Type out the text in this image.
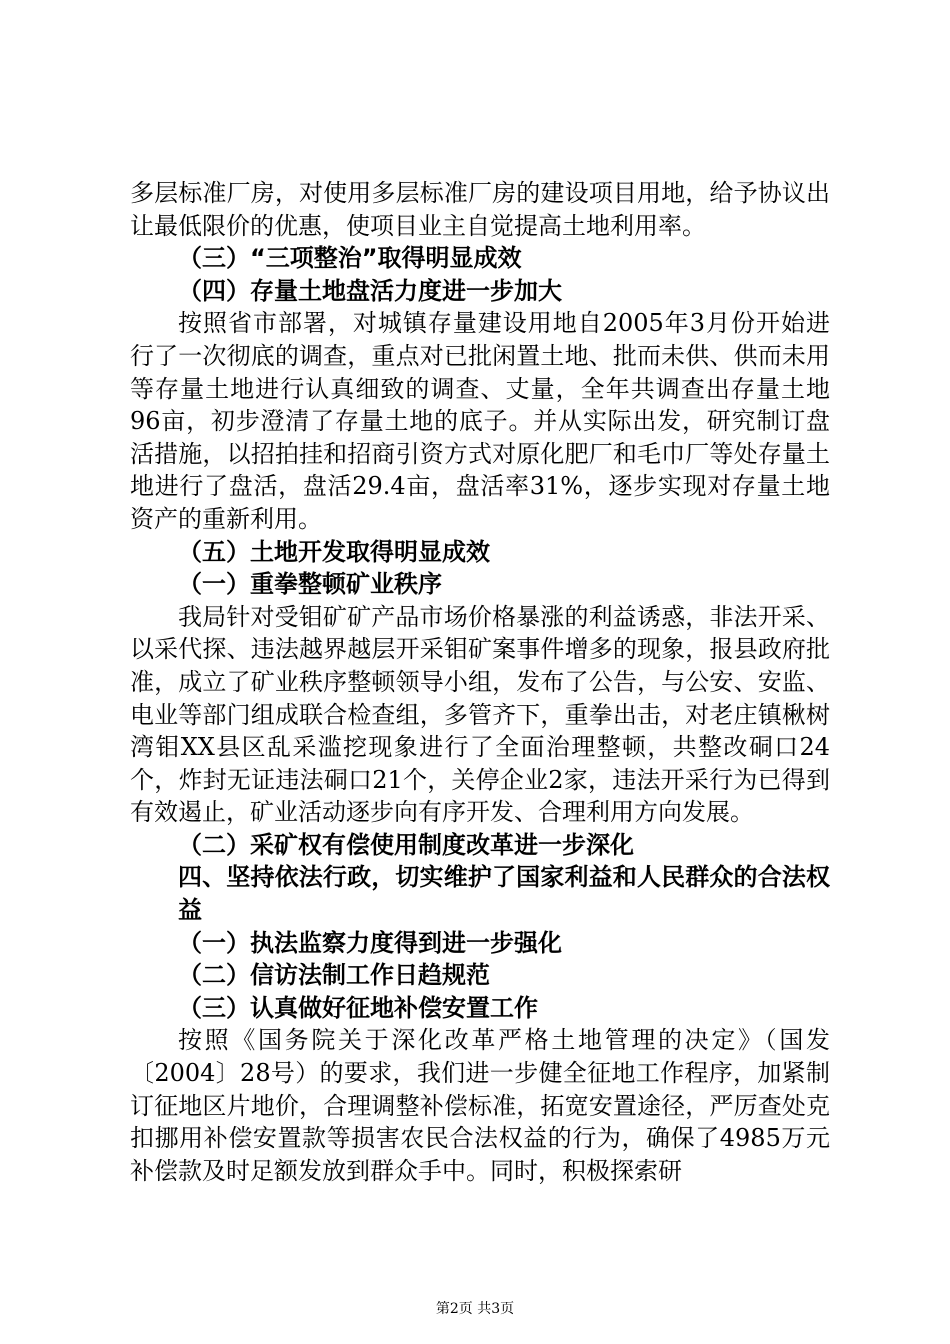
多层标准厂房，对使用多层标准厂房的建设项目用地，给予协议出让最低限价的优惠，使项目业主自觉提高土地利用率。

（三）“三项整治”取得明显成效

（四）存量土地盘活力度进一步加大

按照省市部署，对城镇存量建设用地自2005年3月份开始进行了一次彻底的调查，重点对已批闲置土地、批而未供、供而未用等存量土地进行认真细致的调查、丈量，全年共调查出存量土地96亩，初步澄清了存量土地的底子。并从实际出发，研究制订盘活措施，以招拍挂和招商引资方式对原化肥厂和毛巾厂等处存量土地进行了盘活，盘活29.4亩，盘活率31%，逐步实现对存量土地资产的重新利用。

（五）土地开发取得明显成效

（一）重拳整顿矿业秩序

我局针对受钼矿矿产品市场价格暴涨的利益诱惑，非法开采、以采代探、违法越界越层开采钼矿案事件增多的现象，报县政府批准，成立了矿业秩序整顿领导小组，发布了公告，与公安、安监、电业等部门组成联合检查组，多管齐下，重拳出击，对老庄镇楸树湾钼XX县区乱采滥挖现象进行了全面治理整顿，共整改硐口24个，炸封无证违法硐口21个，关停企业2家，违法开采行为已得到有效遏止，矿业活动逐步向有序开发、合理利用方向发展。

（二）采矿权有偿使用制度改革进一步深化

四、坚持依法行政，切实维护了国家利益和人民群众的合法权益

（一）执法监察力度得到进一步强化

（二）信访法制工作日趋规范

（三）认真做好征地补偿安置工作

按照《国务院关于深化改革严格土地管理的决定》（国发〔2004〕28号）的要求，我们进一步健全征地工作程序，加紧制订征地区片地价，合理调整补偿标准，拓宽安置途径，严厉查处克扣挪用补偿安置款等损害农民合法权益的行为，确保了4985万元补偿款及时足额发放到群众手中。同时，积极探索研

第2页 共3页
